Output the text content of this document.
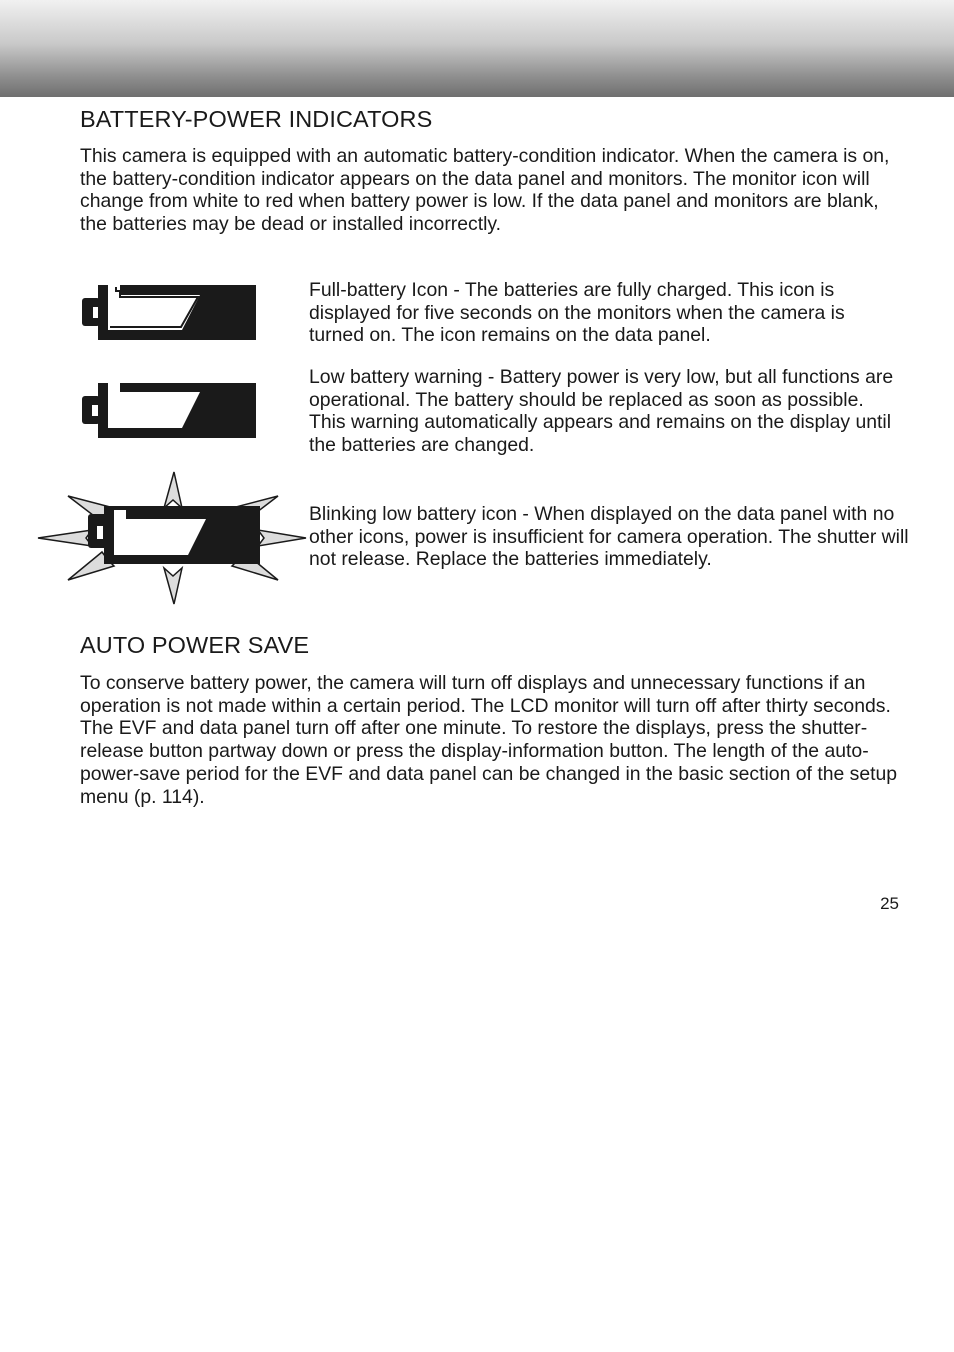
BATTERY-POWER INDICATORS

This camera is equipped with an automatic battery-condition indicator. When the camera is on, the battery-condition indicator appears on the data panel and monitors. The monitor icon will change from white to red when battery power is low. If the data panel and monitors are blank, the batteries may be dead or installed incorrectly.

Full-battery Icon - The batteries are fully charged. This icon is displayed for five seconds on the monitors when the camera is turned on. The icon remains on the data panel.

Low battery warning - Battery power is very low, but all functions are operational. The battery should be replaced as soon as possible. This warning automatically appears and remains on the display until the batteries are changed.

Blinking low battery icon - When displayed on the data panel with no other icons, power is insufficient for camera operation. The shutter will not release. Replace the batteries immediately.

AUTO POWER SAVE

To conserve battery power, the camera will turn off displays and unnecessary functions if an operation is not made within a certain period. The LCD monitor will turn off after thirty seconds. The EVF and data panel turn off after one minute. To restore the displays, press the shutter-release button partway down or press the display-information button. The length of the auto-power-save period for the EVF and data panel can be changed in the basic section of the setup menu (p. 114).

25
